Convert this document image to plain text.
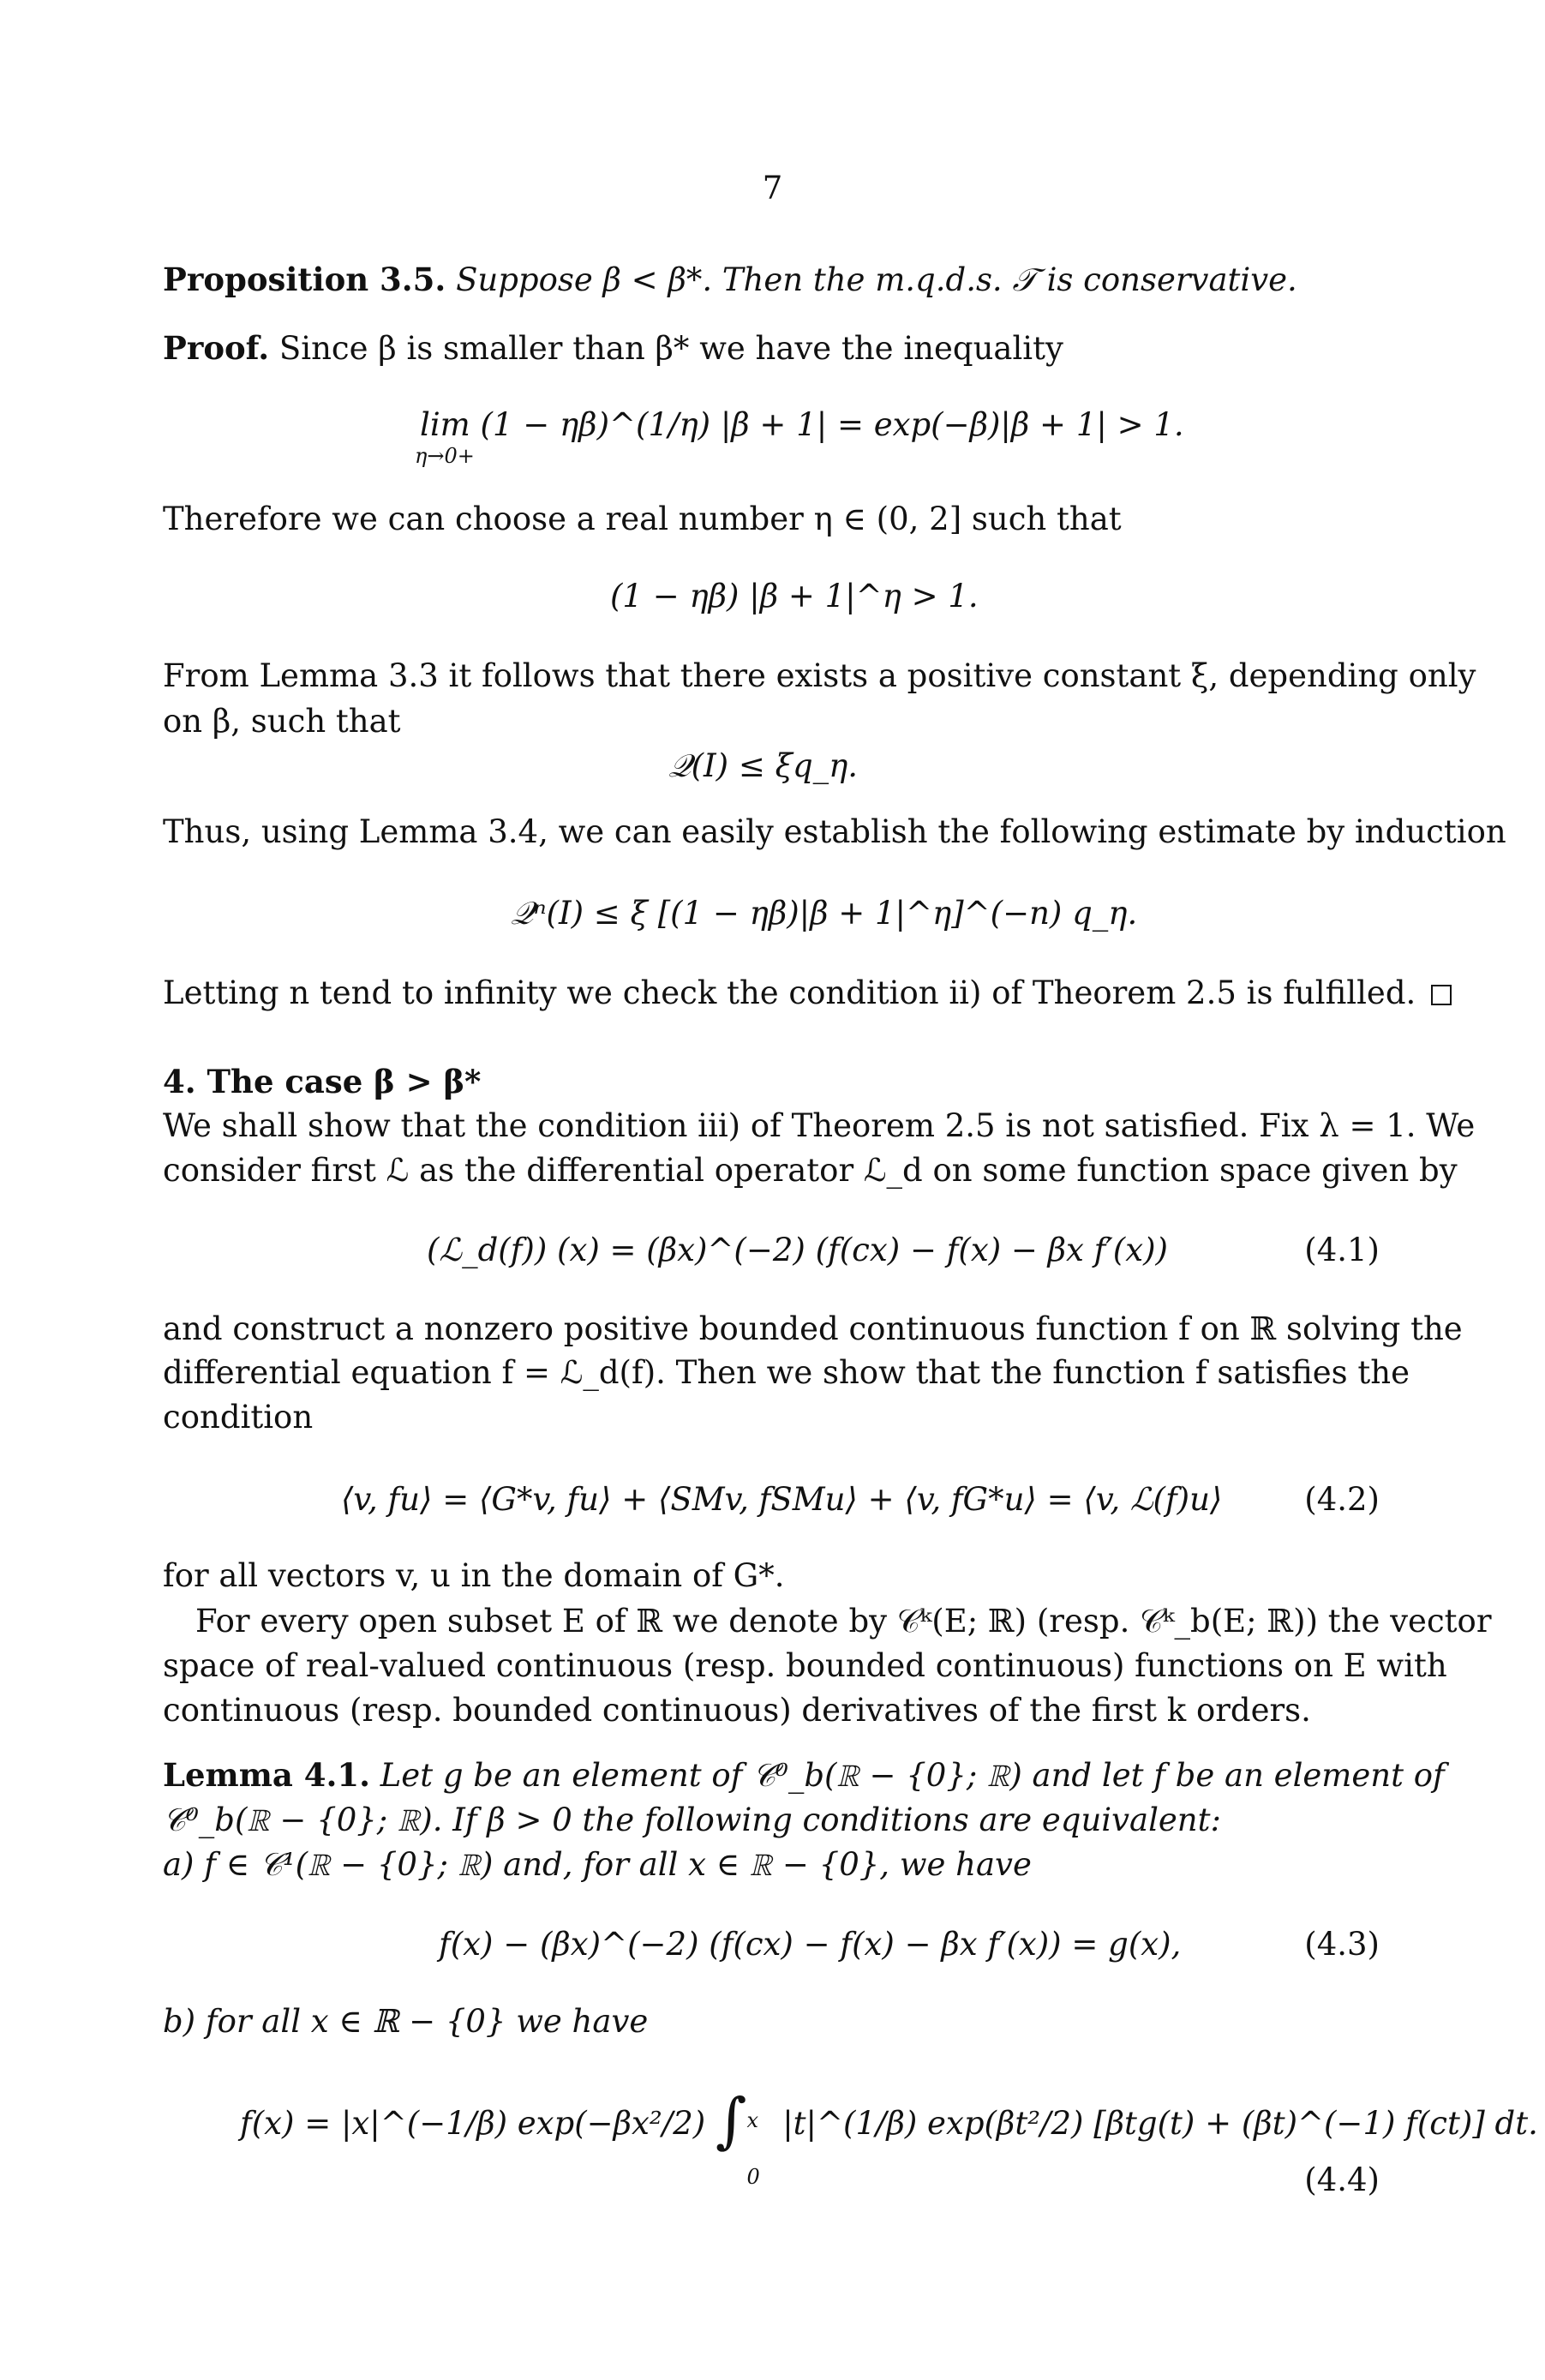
7
Proposition 3.5. Suppose β < β*. Then the m.q.d.s. 𝒯 is conservative.
Proof. Since β is smaller than β* we have the inequality
lim (1 − ηβ)^(1/η) |β + 1| = exp(−β)|β + 1| > 1.
η→0+
Therefore we can choose a real number η ∈ (0, 2] such that
(1 − ηβ) |β + 1|^η > 1.
From Lemma 3.3 it follows that there exists a positive constant ξ, depending only
on β, such that
𝒬(I) ≤ ξq_η.
Thus, using Lemma 3.4, we can easily establish the following estimate by induction
𝒬ⁿ(I) ≤ ξ [(1 − ηβ)|β + 1|^η]^(−n) q_η.
Letting n tend to infinity we check the condition ii) of Theorem 2.5 is fulfilled.
4. The case β > β*
We shall show that the condition iii) of Theorem 2.5 is not satisfied. Fix λ = 1. We
consider first ℒ as the differential operator ℒ_d on some function space given by
(ℒ_d(f)) (x) = (βx)^(−2) (f(cx) − f(x) − βx f′(x))	(4.1)
and construct a nonzero positive bounded continuous function f on ℝ solving the
differential equation f = ℒ_d(f). Then we show that the function f satisfies the
condition
⟨v, fu⟩ = ⟨G*v, fu⟩ + ⟨SMv, fSMu⟩ + ⟨v, fG*u⟩ = ⟨v, ℒ(f)u⟩	(4.2)
for all vectors v, u in the domain of G*.
For every open subset E of ℝ we denote by 𝒞ᵏ(E; ℝ) (resp. 𝒞ᵏ_b(E; ℝ)) the vector
space of real-valued continuous (resp. bounded continuous) functions on E with
continuous (resp. bounded continuous) derivatives of the first k orders.
Lemma 4.1. Let g be an element of 𝒞⁰_b(ℝ − {0}; ℝ) and let f be an element of
𝒞⁰_b(ℝ − {0}; ℝ). If β > 0 the following conditions are equivalent:
a) f ∈ 𝒞¹(ℝ − {0}; ℝ) and, for all x ∈ ℝ − {0}, we have
f(x) − (βx)^(−2) (f(cx) − f(x) − βx f′(x)) = g(x),	(4.3)
b) for all x ∈ ℝ − {0} we have
f(x) = |x|^(−1/β) exp(−βx²/2) ∫ x
0
|t|^(1/β) exp(βt²/2) [βtg(t) + (βt)^(−1) f(ct)] dt.
(4.4)
